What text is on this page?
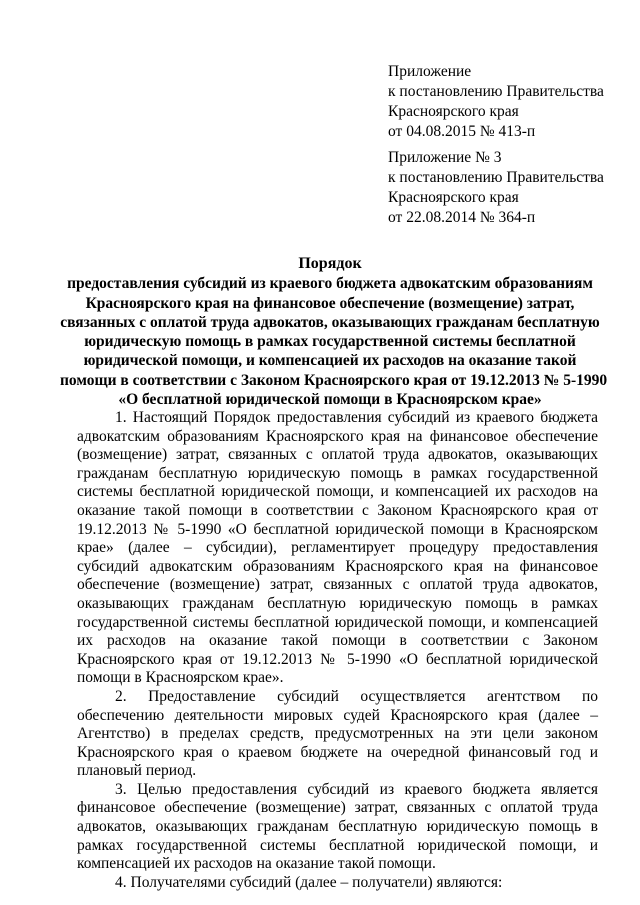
Приложение
к постановлению Правительства
Красноярского края
от 04.08.2015 № 413-п
Приложение № 3
к постановлению Правительства
Красноярского края
от 22.08.2014 № 364-п
Порядок
предоставления субсидий из краевого бюджета адвокатским образованиям
Красноярского края на финансовое обеспечение (возмещение) затрат,
связанных с оплатой труда адвокатов, оказывающих гражданам бесплатную
юридическую помощь в рамках государственной системы бесплатной
юридической помощи, и компенсацией их расходов на оказание такой
помощи в соответствии с Законом Красноярского края от 19.12.2013 № 5-1990
«О бесплатной юридической помощи в Красноярском крае»

1. Настоящий Порядок предоставления субсидий из краевого бюджета адвокатским образованиям Красноярского края на финансовое обеспечение (возмещение) затрат, связанных с оплатой труда адвокатов, оказывающих гражданам бесплатную юридическую помощь в рамках государственной системы бесплатной юридической помощи, и компенсацией их расходов на оказание такой помощи в соответствии с Законом Красноярского края от 19.12.2013 № 5-1990 «О бесплатной юридической помощи в Красноярском крае» (далее – субсидии), регламентирует процедуру предоставления субсидий адвокатским образованиям Красноярского края на финансовое обеспечение (возмещение) затрат, связанных с оплатой труда адвокатов, оказывающих гражданам бесплатную юридическую помощь в рамках государственной системы бесплатной юридической помощи, и компенсацией их расходов на оказание такой помощи в соответствии с Законом Красноярского края от 19.12.2013 № 5-1990 «О бесплатной юридической помощи в Красноярском крае».

2. Предоставление субсидий осуществляется агентством по обеспечению деятельности мировых судей Красноярского края (далее – Агентство) в пределах средств, предусмотренных на эти цели законом Красноярского края о краевом бюджете на очередной финансовый год и плановый период.

3. Целью предоставления субсидий из краевого бюджета является финансовое обеспечение (возмещение) затрат, связанных с оплатой труда адвокатов, оказывающих гражданам бесплатную юридическую помощь в рамках государственной системы бесплатной юридической помощи, и компенсацией их расходов на оказание такой помощи.

4. Получателями субсидий (далее – получатели) являются:
